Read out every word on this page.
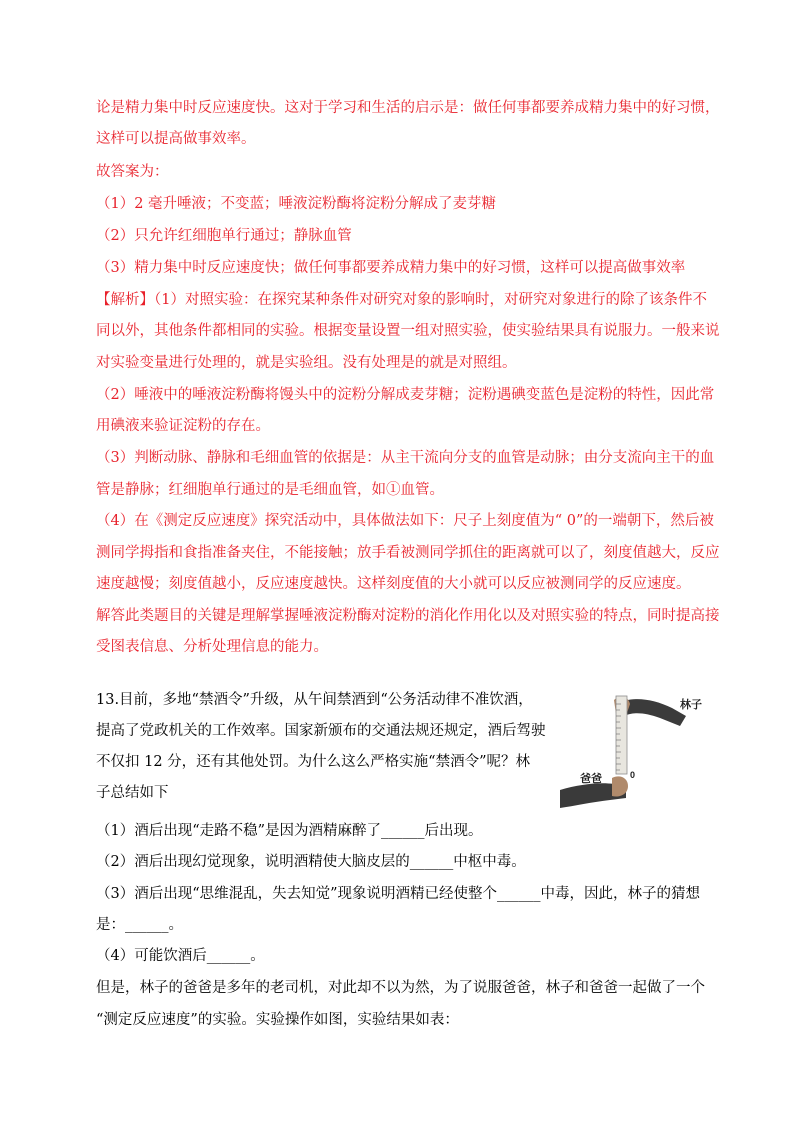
论是精力集中时反应速度快。这对于学习和生活的启示是：做任何事都要养成精力集中的好习惯，
这样可以提高做事效率。
故答案为：
（1）2 毫升唾液；不变蓝；唾液淀粉酶将淀粉分解成了麦芽糖
（2）只允许红细胞单行通过；静脉血管
（3）精力集中时反应速度快；做任何事都要养成精力集中的好习惯，这样可以提高做事效率
【解析】（1）对照实验：在探究某种条件对研究对象的影响时，对研究对象进行的除了该条件不
同以外，其他条件都相同的实验。根据变量设置一组对照实验，使实验结果具有说服力。一般来说
对实验变量进行处理的，就是实验组。没有处理是的就是对照组。
（2）唾液中的唾液淀粉酶将馒头中的淀粉分解成麦芽糖；淀粉遇碘变蓝色是淀粉的特性，因此常
用碘液来验证淀粉的存在。
（3）判断动脉、静脉和毛细血管的依据是：从主干流向分支的血管是动脉；由分支流向主干的血
管是静脉；红细胞单行通过的是毛细血管，如①血管。
（4）在《测定反应速度》探究活动中，具体做法如下：尺子上刻度值为“ 0”的一端朝下，然后被
测同学拇指和食指准备夹住，不能接触；放手看被测同学抓住的距离就可以了，刻度值越大，反应
速度越慢；刻度值越小，反应速度越快。这样刻度值的大小就可以反应被测同学的反应速度。
解答此类题目的关键是理解掌握唾液淀粉酶对淀粉的消化作用化以及对照实验的特点，同时提高接
受图表信息、分析处理信息的能力。
13.目前，多地“禁酒令”升级，从午间禁酒到“公务活动律不准饮酒，
提高了党政机关的工作效率。国家新颁布的交通法规还规定，酒后驾驶
不仅扣 12 分，还有其他处罚。为什么这么严格实施“禁酒令”呢？林
子总结如下
林子
爸爸	0
（1）酒后出现“走路不稳”是因为酒精麻醉了______后出现。
（2）酒后出现幻觉现象，说明酒精使大脑皮层的______中枢中毒。
（3）酒后出现“思维混乱，失去知觉”现象说明酒精已经使整个______中毒，因此，林子的猜想
是：______。
（4）可能饮酒后______。
但是，林子的爸爸是多年的老司机，对此却不以为然，为了说服爸爸，林子和爸爸一起做了一个
“测定反应速度”的实验。实验操作如图，实验结果如表：
